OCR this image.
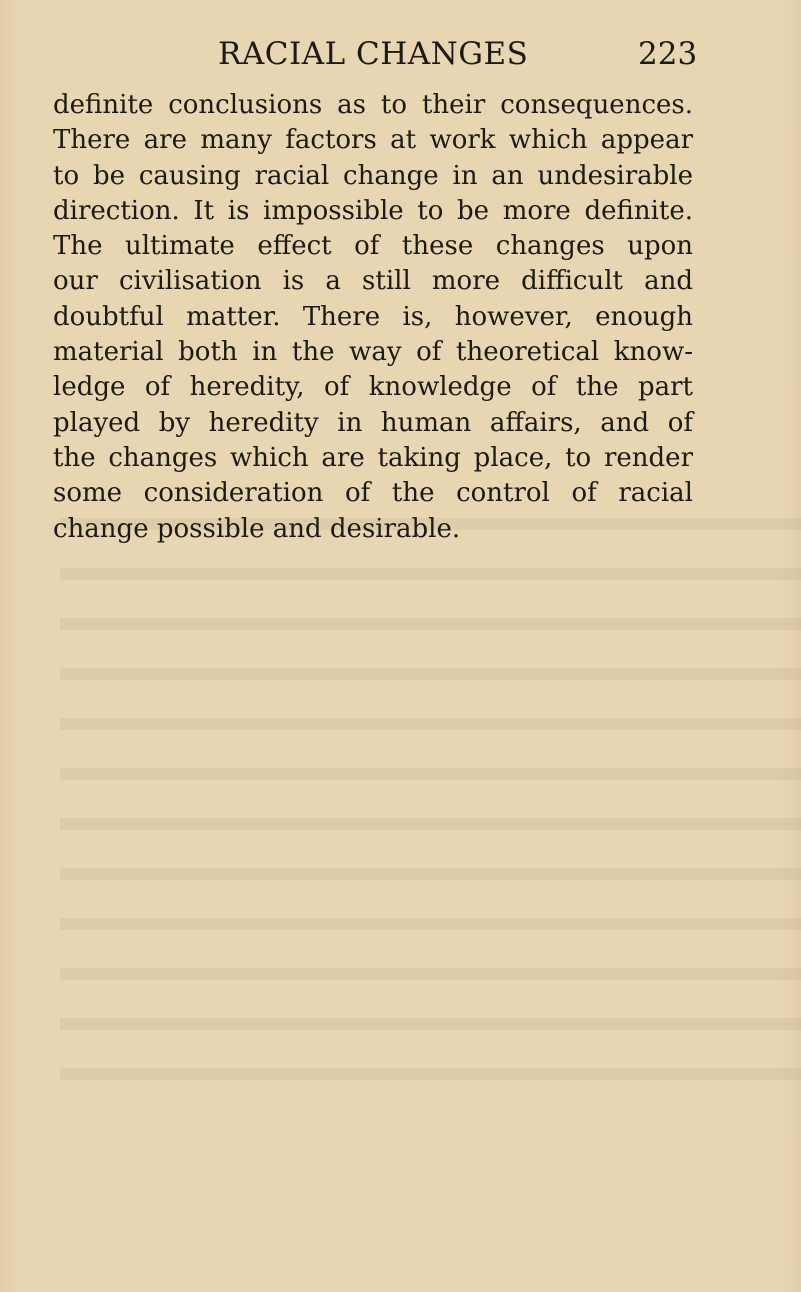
RACIAL CHANGES	223
definite conclusions as to their consequences.
There are many factors at work which appear
to be causing racial change in an undesirable
direction. It is impossible to be more definite.
The ultimate effect of these changes upon
our civilisation is a still more difficult and
doubtful matter. There is, however, enough
material both in the way of theoretical know-
ledge of heredity, of knowledge of the part
played by heredity in human affairs, and of
the changes which are taking place, to render
some consideration of the control of racial
change possible and desirable.
